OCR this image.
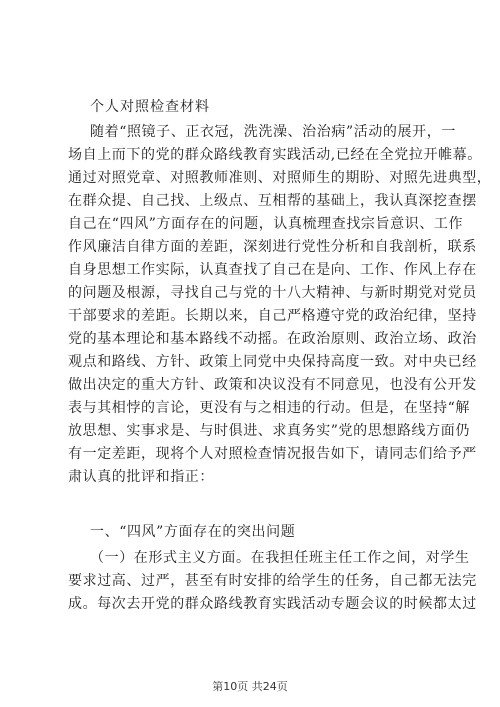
个人对照检查材料
随着“照镜子、正衣冠，洗洗澡、治治病”活动的展开，一
场自上而下的党的群众路线教育实践活动,已经在全党拉开帷幕。
通过对照党章、对照教师准则、对照师生的期盼、对照先进典型，
在群众提、自己找、上级点、互相帮的基础上，我认真深挖查摆
自己在“四风”方面存在的问题，认真梳理查找宗旨意识、工作
作风廉洁自律方面的差距，深刻进行党性分析和自我剖析，联系
自身思想工作实际，认真查找了自己在是向、工作、作风上存在
的问题及根源，寻找自己与党的十八大精神、与新时期党对党员
干部要求的差距。长期以来，自己严格遵守党的政治纪律，坚持
党的基本理论和基本路线不动摇。在政治原则、政治立场、政治
观点和路线、方针、政策上同党中央保持高度一致。对中央已经
做出决定的重大方针、政策和决议没有不同意见，也没有公开发
表与其相悖的言论，更没有与之相违的行动。但是，在坚持“解
放思想、实事求是、与时俱进、求真务实”党的思想路线方面仍
有一定差距，现将个人对照检查情况报告如下，请同志们给予严
肃认真的批评和指正：
一、“四风”方面存在的突出问题
（一）在形式主义方面。在我担任班主任工作之间，对学生
要求过高、过严，甚至有时安排的给学生的任务，自己都无法完
成。每次去开党的群众路线教育实践活动专题会议的时候都太过
第10页 共24页
